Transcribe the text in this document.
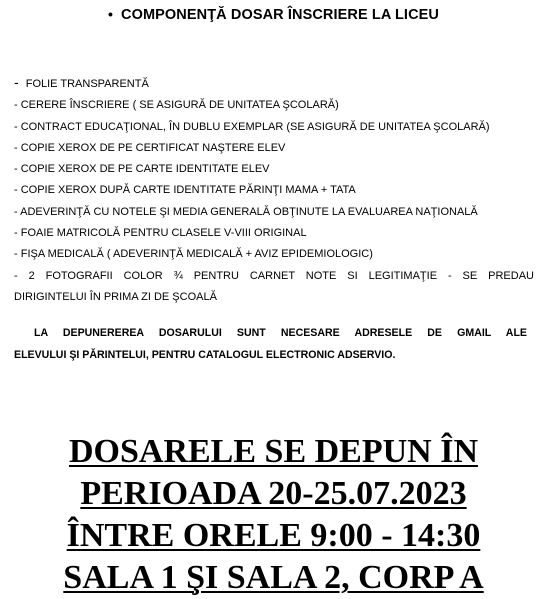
• COMPONENŢĂ DOSAR ÎNSCRIERE LA LICEU
- FOLIE TRANSPARENTĂ
- CERERE ÎNSCRIERE ( SE ASIGURĂ DE UNITATEA ŞCOLARĂ)
- CONTRACT EDUCAŢIONAL, ÎN DUBLU EXEMPLAR (SE ASIGURĂ DE UNITATEA ŞCOLARĂ)
- COPIE XEROX DE PE CERTIFICAT NAŞTERE ELEV
- COPIE XEROX DE PE CARTE IDENTITATE ELEV
- COPIE XEROX DUPĂ CARTE IDENTITATE PĂRINŢI MAMA + TATA
- ADEVERINŢĂ CU NOTELE ŞI MEDIA GENERALĂ OBŢINUTE LA EVALUAREA NAŢIONALĂ
- FOAIE MATRICOLĂ PENTRU CLASELE V-VIII ORIGINAL
- FIŞA MEDICALĂ ( ADEVERINŢĂ MEDICALĂ + AVIZ EPIDEMIOLOGIC)
- 2 FOTOGRAFII COLOR ¾ PENTRU CARNET NOTE SI LEGITIMAŢIE - SE PREDAU
DIRIGINTELUI ÎN PRIMA ZI DE ŞCOALĂ
LA DEPUNEREREA DOSARULUI SUNT NECESARE ADRESELE DE GMAIL ALE
ELEVULUI ŞI PĂRINTELUI, PENTRU CATALOGUL ELECTRONIC ADSERVIO.
DOSARELE SE DEPUN ÎN
PERIOADA 20-25.07.2023
ÎNTRE ORELE 9:00 - 14:30
SALA 1 ŞI SALA 2, CORP A
